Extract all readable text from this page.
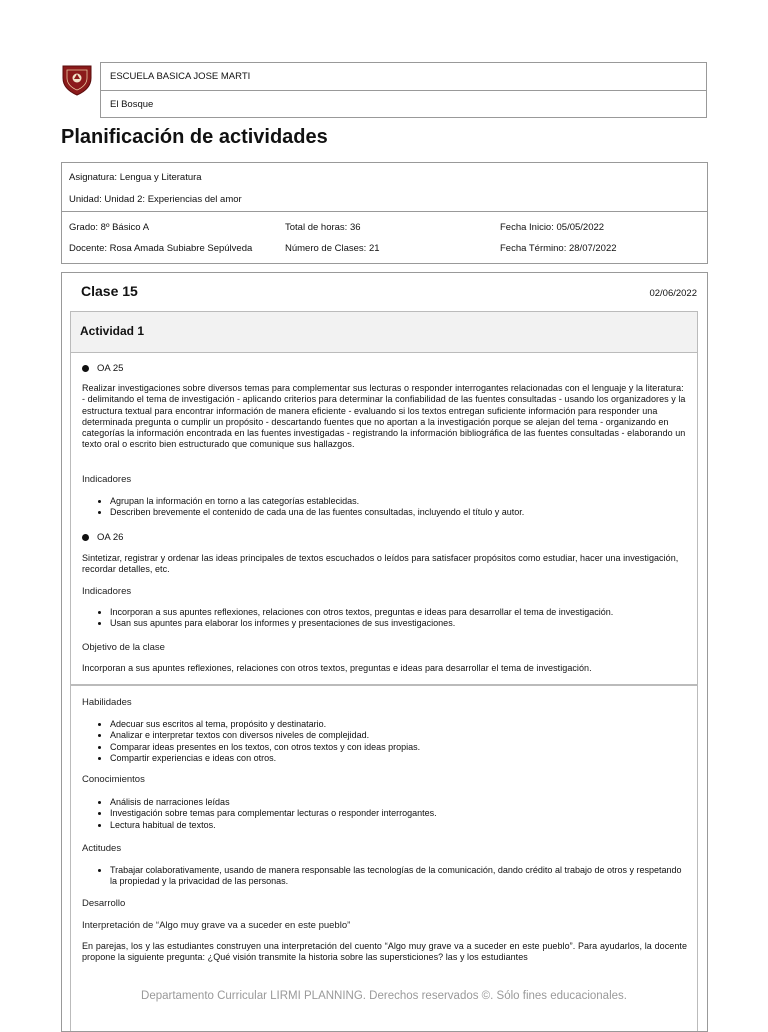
ESCUELA BASICA JOSE MARTI
El Bosque
Planificación de actividades
Asignatura: Lengua y Literatura
Unidad: Unidad 2: Experiencias del amor
Grado: 8º Básico A	Total de horas: 36	Fecha Inicio: 05/05/2022
Docente: Rosa Amada Subiabre Sepúlveda	Número de Clases: 21	Fecha Término: 28/07/2022
Clase 15	02/06/2022
Actividad 1
OA 25

Realizar investigaciones sobre diversos temas para complementar sus lecturas o responder interrogantes relacionadas con el lenguaje y la literatura: - delimitando el tema de investigación - aplicando criterios para determinar la confiabilidad de las fuentes consultadas - usando los organizadores y la estructura textual para encontrar información de manera eficiente - evaluando si los textos entregan suficiente información para responder una determinada pregunta o cumplir un propósito - descartando fuentes que no aportan a la investigación porque se alejan del tema - organizando en categorías la información encontrada en las fuentes investigadas - registrando la información bibliográfica de las fuentes consultadas - elaborando un texto oral o escrito bien estructurado que comunique sus hallazgos.

Indicadores

• Agrupan la información en torno a las categorías establecidas.
• Describen brevemente el contenido de cada una de las fuentes consultadas, incluyendo el título y autor.
OA 26

Sintetizar, registrar y ordenar las ideas principales de textos escuchados o leídos para satisfacer propósitos como estudiar, hacer una investigación, recordar detalles, etc.

Indicadores

• Incorporan a sus apuntes reflexiones, relaciones con otros textos, preguntas e ideas para desarrollar el tema de investigación.
• Usan sus apuntes para elaborar los informes y presentaciones de sus investigaciones.

Objetivo de la clase

Incorporan a sus apuntes reflexiones, relaciones con otros textos, preguntas e ideas para desarrollar el tema de investigación.

Habilidades

• Adecuar sus escritos al tema, propósito y destinatario.
• Analizar e interpretar textos con diversos niveles de complejidad.
• Comparar ideas presentes en los textos, con otros textos y con ideas propias.
• Compartir experiencias e ideas con otros.

Conocimientos

• Análisis de narraciones leídas
• Investigación sobre temas para complementar lecturas o responder interrogantes.
• Lectura habitual de textos.

Actitudes

• Trabajar colaborativamente, usando de manera responsable las tecnologías de la comunicación, dando crédito al trabajo de otros y respetando la propiedad y la privacidad de las personas.

Desarrollo

Interpretación de “Algo muy grave va a suceder en este pueblo”

En parejas, los y las estudiantes construyen una interpretación del cuento “Algo muy grave va a suceder en este pueblo”. Para ayudarlos, la docente propone la siguiente pregunta: ¿Qué visión transmite la historia sobre las supersticiones? las y los estudiantes

Departamento Curricular LIRMI PLANNING. Derechos reservados ©. Sólo fines educacionales.
